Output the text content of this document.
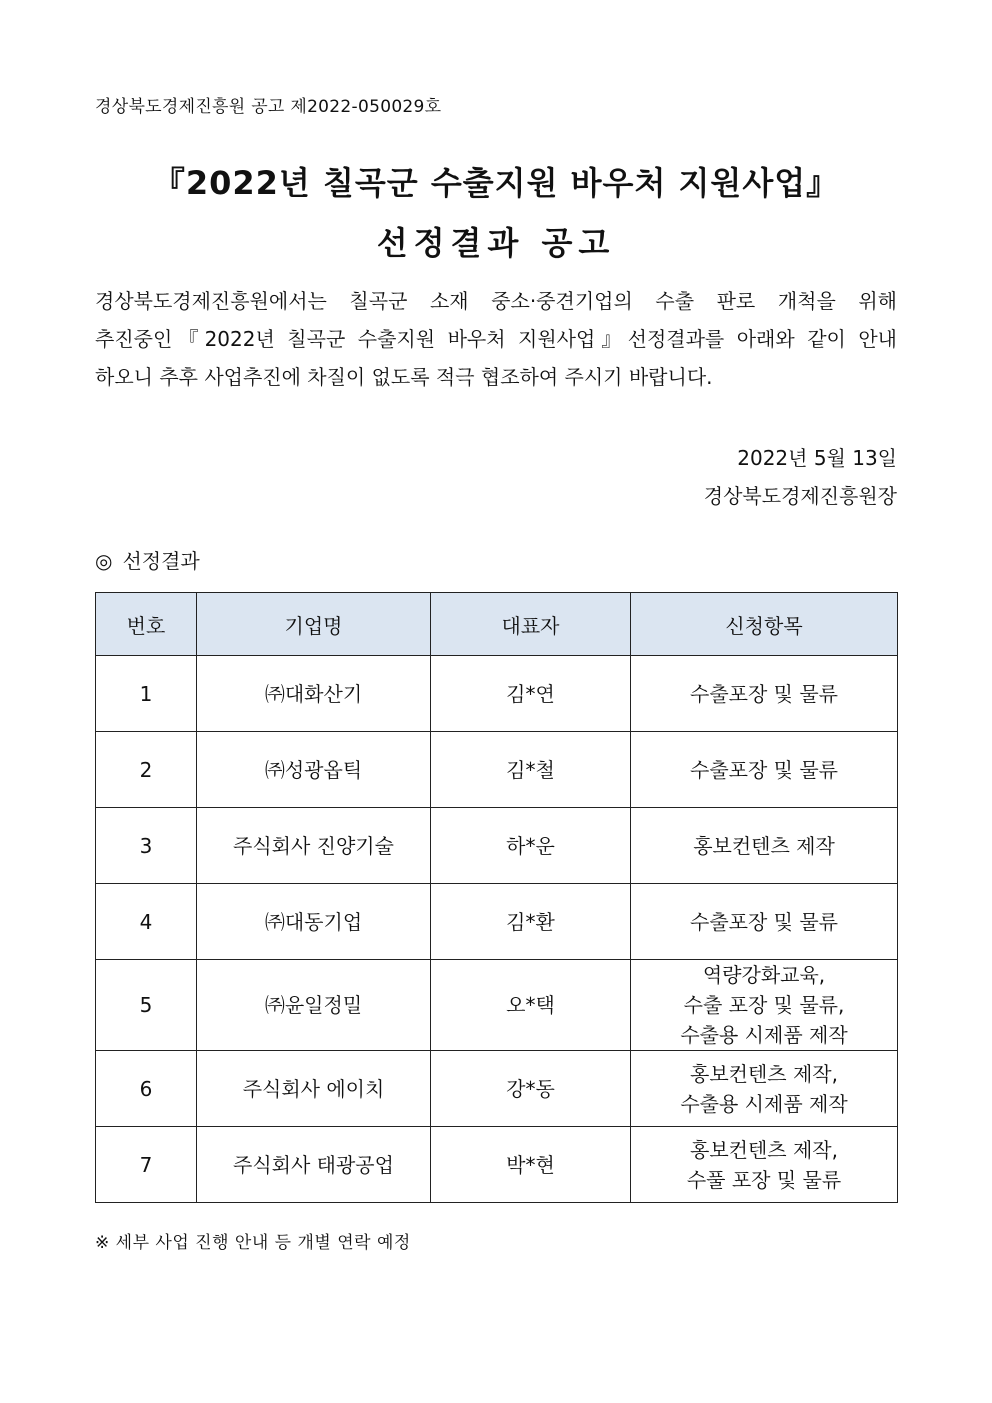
경상북도경제진흥원 공고 제2022-050029호
『2022년 칠곡군 수출지원 바우처 지원사업』
선정결과 공고
경상북도경제진흥원에서는 칠곡군 소재 중소·중견기업의 수출 판로 개척을 위해
추진중인『2022년 칠곡군 수출지원 바우처 지원사업』선정결과를 아래와 같이 안내
하오니 추후 사업추진에 차질이 없도록 적극 협조하여 주시기 바랍니다.
2022년 5월 13일
경상북도경제진흥원장
◎ 선정결과
번호	기업명	대표자	신청항목
1	㈜대화산기	김*연	수출포장 및 물류

2	㈜성광옵틱	김*철	수출포장 및 물류

3	주식회사 진양기술	하*운	홍보컨텐츠 제작

4	㈜대동기업	김*환	수출포장 및 물류

5	㈜윤일정밀	오*택	역량강화교육,
수출 포장 및 물류,
수출용 시제품 제작

6	주식회사 에이치	강*동	홍보컨텐츠 제작,
수출용 시제품 제작

7	주식회사 태광공업	박*현	홍보컨텐츠 제작,
수풀 포장 및 물류
※ 세부 사업 진행 안내 등 개별 연락 예정
